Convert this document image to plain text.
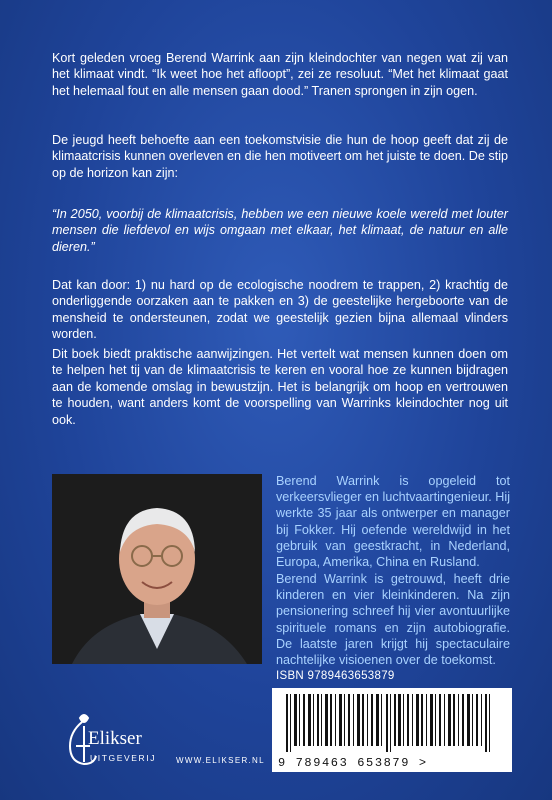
Kort geleden vroeg Berend Warrink aan zijn kleindochter van negen wat zij van het klimaat vindt. “Ik weet hoe het afloopt”, zei ze resoluut. “Met het klimaat gaat het helemaal fout en alle mensen gaan dood.” Tranen sprongen in zijn ogen.

De jeugd heeft behoefte aan een toekomstvisie die hun de hoop geeft dat zij de klimaatcrisis kunnen overleven en die hen motiveert om het juiste te doen. De stip op de horizon kan zijn:

“In 2050, voorbij de klimaatcrisis, hebben we een nieuwe koele wereld met louter mensen die liefdevol en wijs omgaan met elkaar, het klimaat, de natuur en alle dieren.”

Dat kan door: 1) nu hard op de ecologische noodrem te trappen, 2) krachtig de onderliggende oorzaken aan te pakken en 3) de geestelijke hergeboorte van de mensheid te ondersteunen, zodat we geestelijk gezien bijna allemaal vlinders worden.

Dit boek biedt praktische aanwijzingen. Het vertelt wat mensen kunnen doen om te helpen het tij van de klimaatcrisis te keren en vooral hoe ze kunnen bijdragen aan de komende omslag in bewustzijn. Het is belangrijk om hoop en vertrouwen te houden, want anders komt de voorspelling van Warrinks kleindochter nog uit ook.

Berend Warrink is opgeleid tot verkeersvlieger en luchtvaartingenieur. Hij werkte 35 jaar als ontwerper en manager bij Fokker. Hij oefende wereldwijd in het gebruik van geestkracht, in Nederland, Europa, Amerika, China en Rusland.

Berend Warrink is getrouwd, heeft drie kinderen en vier kleinkinderen. Na zijn pensionering schreef hij vier avontuurlijke spirituele romans en zijn autobiografie. De laatste jaren krijgt hij spectaculaire nachtelijke visioenen over de toekomst.

ISBN 9789463653879
9 789463 653879 >
Elikser
UITGEVERIJ WWW.ELIKSER.NL
